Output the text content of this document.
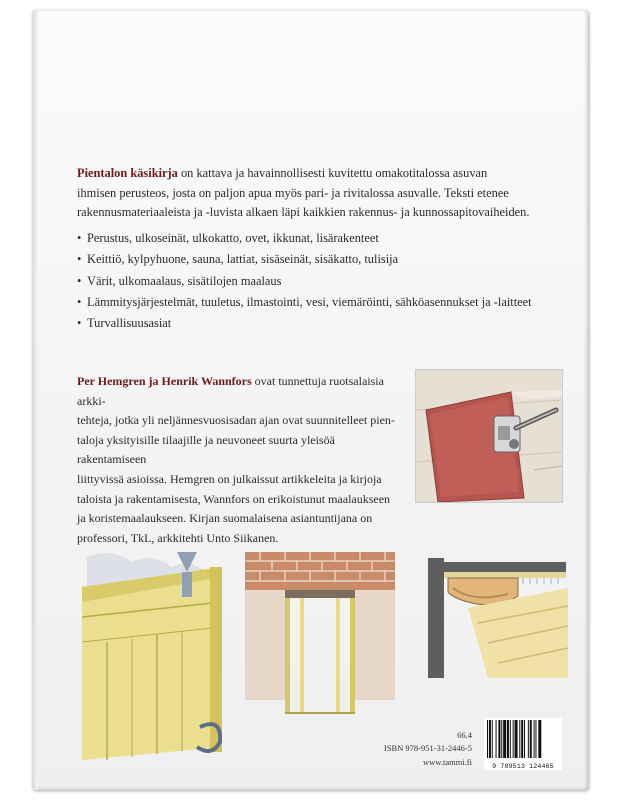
Pientalon käsikirja on kattava ja havainnollisesti kuvitettu omakotitalossa asuvan
ihmisen perusteos, josta on paljon apua myös pari- ja rivitalossa asuvalle. Teksti etenee
rakennusmateriaaleista ja -luvista alkaen läpi kaikkien rakennus- ja kunnossapitovaiheiden.
• Perustus, ulkoseinät, ulkokatto, ovet, ikkunat, lisärakenteet
• Keittiö, kylpyhuone, sauna, lattiat, sisäseinät, sisäkatto, tulisija
• Värit, ulkomaalaus, sisätilojen maalaus
• Lämmitysjärjestelmät, tuuletus, ilmastointi, vesi, viemäröinti, sähköasennukset ja -laitteet
• Turvallisuusasiat
Per Hemgren ja Henrik Wannfors ovat tunnettuja ruotsalaisia arkki-
tehteja, jotka yli neljännesvuosisadan ajan ovat suunnitelleet pien-
taloja yksityisille tilaajille ja neuvoneet suurta yleisöä rakentamiseen
liittyvissä asioissa. Hemgren on julkaissut artikkeleita ja kirjoja
taloista ja rakentamisesta, Wannfors on erikoistunut maalaukseen
ja koristemaalaukseen. Kirjan suomalaisena asiantuntijana on
professori, TkL, arkkitehti Unto Siikanen.
66.4
ISBN 978-951-31-2446-5
www.tammi.fi	9 789513 124465
